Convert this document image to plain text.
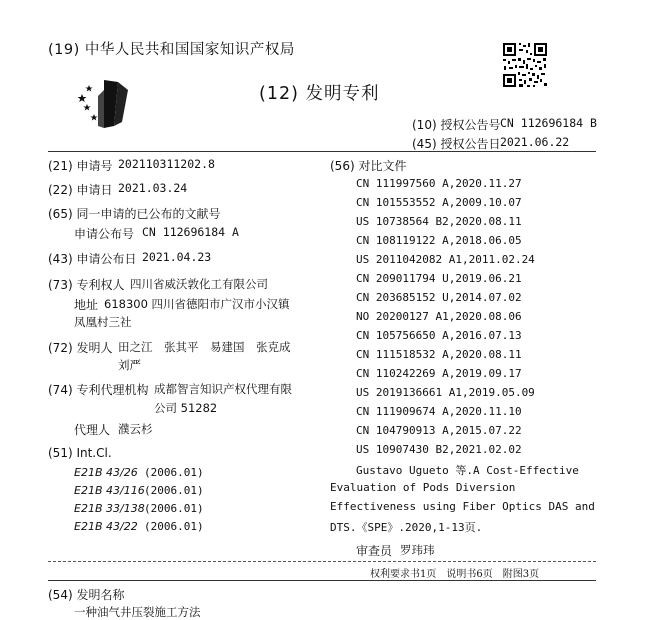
(19) 中华人民共和国国家知识产权局
(12) 发明专利
(10) 授权公告号 CN 112696184 B
(45) 授权公告日 2021.06.22
(21) 申请号 202110311202.8
(22) 申请日 2021.03.24
(65) 同一申请的已公布的文献号
申请公布号 CN 112696184 A
(43) 申请公布日 2021.04.23
(73) 专利权人 四川省威沃敦化工有限公司
地址 618300 四川省德阳市广汉市小汉镇
凤凰村三社
(72) 发明人 田之江　张其平　易建国　张克成
刘严
(74) 专利代理机构 成都智言知识产权代理有限
公司 51282
代理人 濮云杉
(51) Int.Cl.
E21B 43/26 (2006.01)
E21B 43/116 (2006.01)
E21B 33/138 (2006.01)
E21B 43/22 (2006.01)
(56) 对比文件
CN 111997560 A,2020.11.27
CN 101553552 A,2009.10.07
US 10738564 B2,2020.08.11
CN 108119122 A,2018.06.05
US 2011042082 A1,2011.02.24
CN 209011794 U,2019.06.21
CN 203685152 U,2014.07.02
NO 20200127 A1,2020.08.06
CN 105756650 A,2016.07.13
CN 111518532 A,2020.08.11
CN 110242269 A,2019.09.17
US 2019136661 A1,2019.05.09
CN 111909674 A,2020.11.10
CN 104790913 A,2015.07.22
US 10907430 B2,2021.02.02
Gustavo Ugueto 等.A Cost-Effective
Evaluation of Pods Diversion
Effectiveness using Fiber Optics DAS and
DTS.《SPE》.2020,1-13页.
审查员 罗玮玮
权利要求书1页　说明书6页　附图3页
(54) 发明名称
一种油气井压裂施工方法
